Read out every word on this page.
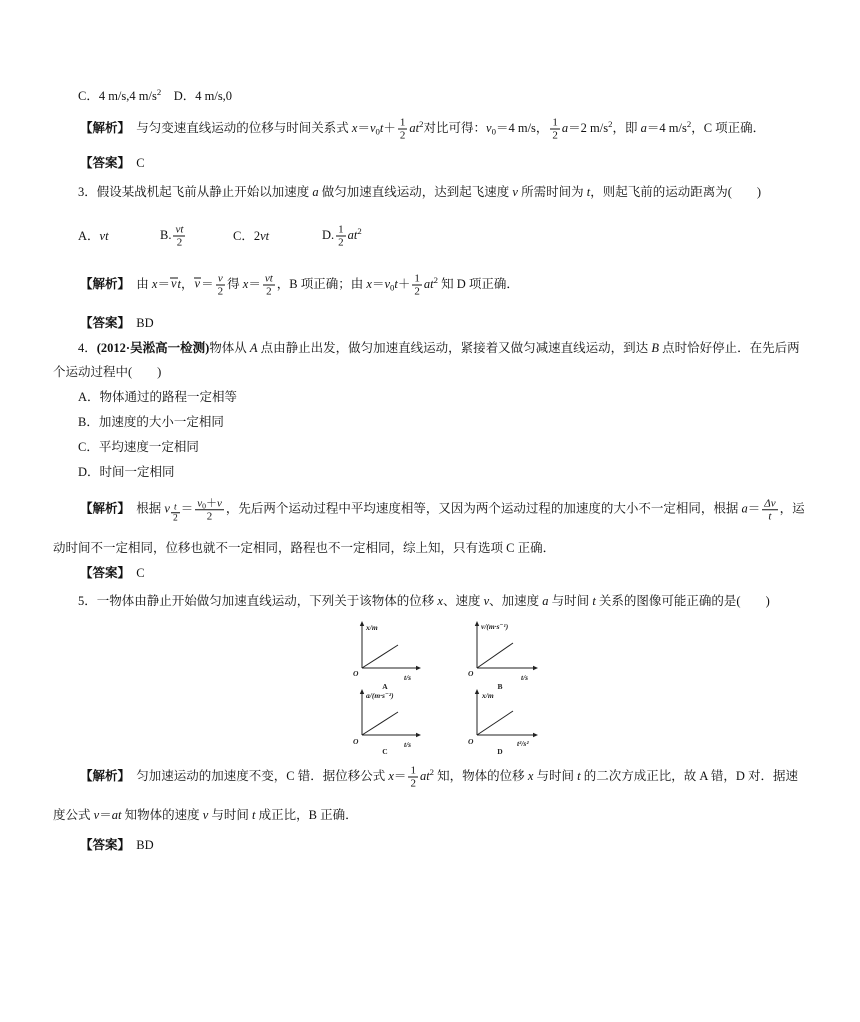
C．4 m/s,4 $m/s^2$　D．4 m/s,0
【解析】　与匀变速直线运动的位移与时间关系式 $x=v_0t+ \frac{1}{2} at^2$对比可得：$v_0=4$ m/s， $\frac{1}{2} a=2$ $m/s^2$，即 a＝4 $m/s^2$，C 项正确．
【答案】　C
3．假设某战机起飞前从静止开始以加速度 a 做匀加速直线运动，达到起飞速度 v 所需时间为 t，则起飞前的运动距离为(　　)
A．vt	B. $\frac{vt}{2}$	C．2vt	D. $\frac{1}{2} at^2$
【解析】　由 x＝vt，$v= \frac{v}{2}$ 得 $x= \frac{vt}{2}$ ，B 项正确；由 $x=v_0t+ \frac{1}{2} at^2$ 知 D 项正确．
【答案】　BD
4．(2012·吴淞高一检测)物体从 A 点由静止出发，做匀加速直线运动，紧接着又做匀减速直线运动，到达 B 点时恰好停止．在先后两
个运动过程中(　　)
A．物体通过的路程一定相等
B．加速度的大小一定相同
C．平均速度一定相同
D．时间一定相同
【解析】　根据 v $\frac{t}{2} = \frac{v_0+v}{2}$ ，先后两个运动过程中平均速度相等，又因为两个运动过程的加速度的大小不一定相同，根据 $a= \frac{\Delta v}{t}$ ，运
动时间不一定相同，位移也就不一定相同，路程也不一定相同，综上知，只有选项 C 正确．
【答案】　C
5．一物体由静止开始做匀加速直线运动，下列关于该物体的位移 x、速度 v、加速度 a 与时间 t 关系的图像可能正确的是(　　)
x/m
t/s
O
A
v/(m·s⁻¹)
t/s
O
B
a/(m·s⁻²)
t/s
O
C
x/m
t²/s²
O
D
【解析】　匀加速运动的加速度不变，C 错．据位移公式 $x= \frac{1}{2} at^2$ 知，物体的位移 x 与时间 t 的二次方成正比，故 A 错，D 对．据速
度公式 v＝at 知物体的速度 v 与时间 t 成正比，B 正确．
【答案】　BD
